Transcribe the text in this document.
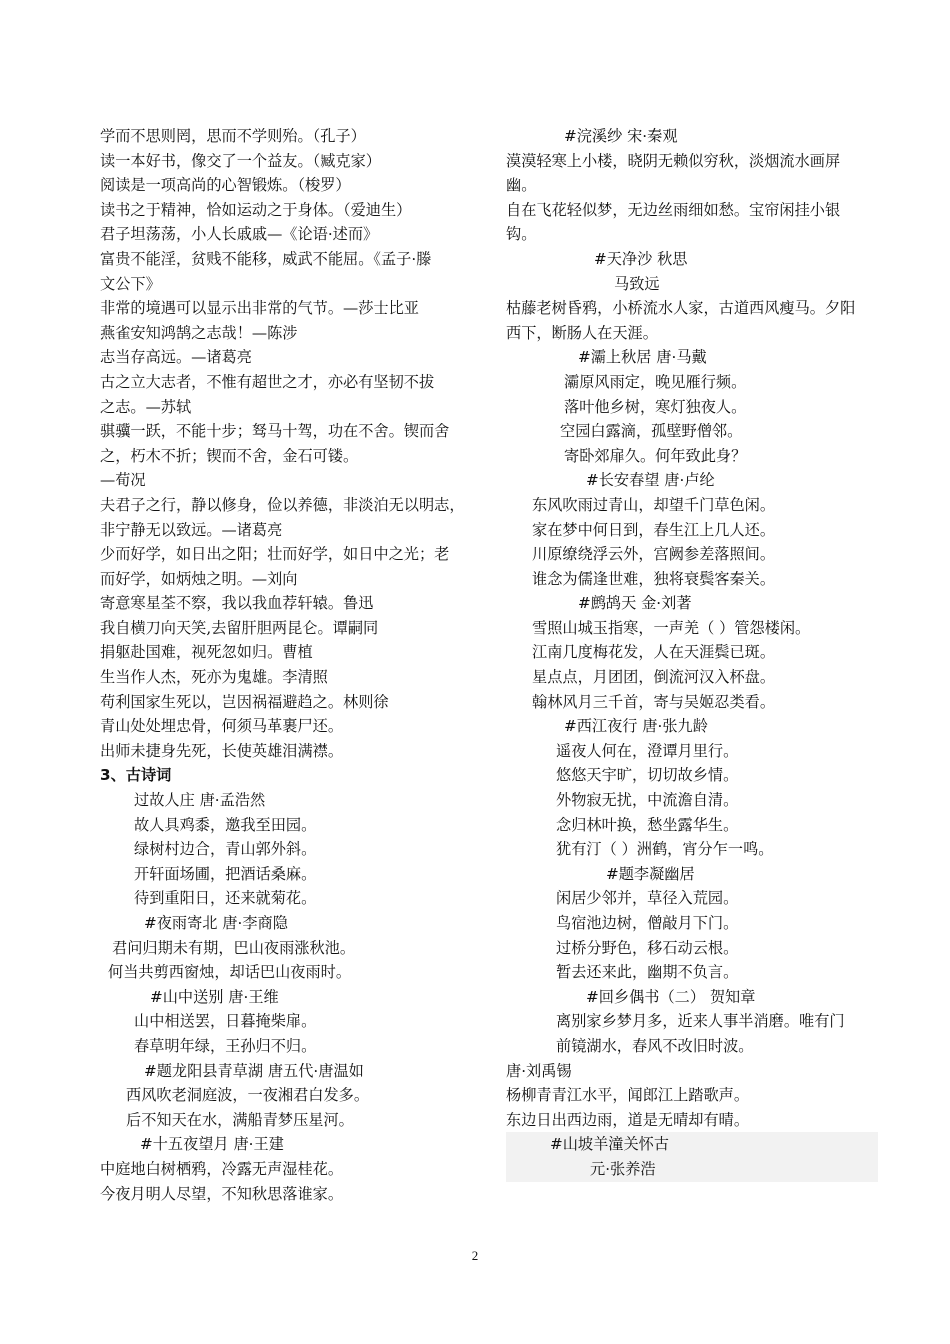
学而不思则罔，思而不学则殆。（孔子）
读一本好书，像交了一个益友。（臧克家）
阅读是一项高尚的心智锻炼。（梭罗）
读书之于精神，恰如运动之于身体。（爱迪生）
君子坦荡荡，小人长戚戚—《论语·述而》
富贵不能淫，贫贱不能移，威武不能屈。《孟子·滕
文公下》
非常的境遇可以显示出非常的气节。—莎士比亚
燕雀安知鸿鹄之志哉！—陈涉
志当存高远。—诸葛亮
古之立大志者，不惟有超世之才，亦必有坚韧不拔
之志。—苏轼
骐骥一跃，不能十步；驽马十驾，功在不舍。锲而舍
之，朽木不折；锲而不舍，金石可镂。
—荀况
夫君子之行，静以修身，俭以养德，非淡泊无以明志，
非宁静无以致远。—诸葛亮
少而好学，如日出之阳；壮而好学，如日中之光；老
而好学，如炳烛之明。—刘向
寄意寒星荃不察，我以我血荐轩辕。鲁迅
我自横刀向天笑,去留肝胆两昆仑。谭嗣同
捐躯赴国难，视死忽如归。曹植
生当作人杰，死亦为鬼雄。李清照
苟利国家生死以，岂因祸福避趋之。林则徐
青山处处埋忠骨，何须马革裹尸还。
出师未捷身先死，长使英雄泪满襟。
3、古诗词
过故人庄 唐·孟浩然
故人具鸡黍，邀我至田园。
绿树村边合，青山郭外斜。
开轩面场圃，把酒话桑麻。
待到重阳日，还来就菊花。
#夜雨寄北 唐·李商隐
君问归期未有期，巴山夜雨涨秋池。
何当共剪西窗烛，却话巴山夜雨时。
#山中送别 唐·王维
山中相送罢，日暮掩柴扉。
春草明年绿，王孙归不归。
#题龙阳县青草湖 唐五代·唐温如
西风吹老洞庭波，一夜湘君白发多。
后不知天在水，满船青梦压星河。
#十五夜望月 唐·王建
中庭地白树栖鸦，冷露无声湿桂花。
今夜月明人尽望，不知秋思落谁家。
#浣溪纱 宋·秦观
漠漠轻寒上小楼，晓阴无赖似穷秋，淡烟流水画屏
幽。
自在飞花轻似梦，无边丝雨细如愁。宝帘闲挂小银
钩。
#天净沙 秋思
马致远
枯藤老树昏鸦，小桥流水人家，古道西风瘦马。夕阳
西下，断肠人在天涯。
#灞上秋居 唐·马戴
灞原风雨定，晚见雁行频。
落叶他乡树，寒灯独夜人。
空园白露滴，孤壁野僧邻。
寄卧郊扉久。何年致此身？
#长安春望 唐·卢纶
东风吹雨过青山，却望千门草色闲。
家在梦中何日到，春生江上几人还。
川原缭绕浮云外，宫阙参差落照间。
谁念为儒逢世难，独将衰鬓客秦关。
#鹧鸪天 金·刘著
雪照山城玉指寒，一声羌（ ）管怨楼闲。
江南几度梅花发，人在天涯鬓已斑。
星点点，月团团，倒流河汉入杯盘。
翰林风月三千首，寄与吴姬忍类看。
#西江夜行 唐·张九龄
遥夜人何在，澄谭月里行。
悠悠天宇旷，切切故乡情。
外物寂无扰，中流澹自清。
念归林叶换，愁坐露华生。
犹有汀（ ）洲鹤，宵分乍一鸣。
#题李凝幽居
闲居少邻并，草径入荒园。
鸟宿池边树，僧敲月下门。
过桥分野色，移石动云根。
暂去还来此，幽期不负言。
#回乡偶书（二） 贺知章
离别家乡梦月多，近来人事半消磨。唯有门
前镜湖水，春风不改旧时波。
唐·刘禹锡
杨柳青青江水平，闻郎江上踏歌声。
东边日出西边雨，道是无晴却有晴。
#山坡羊潼关怀古
元·张养浩
2
